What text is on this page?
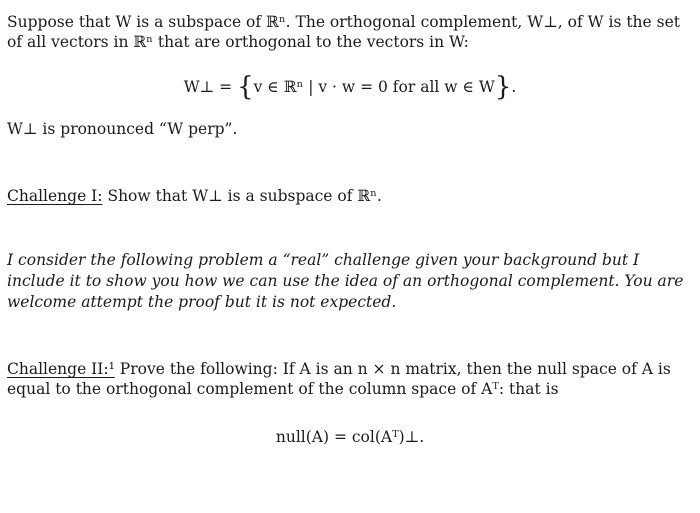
Suppose that W is a subspace of ℝⁿ. The orthogonal complement, W⊥, of W is the set of all vectors in ℝⁿ that are orthogonal to the vectors in W:
W⊥ = {v ∈ ℝⁿ | v · w = 0 for all w ∈ W}.
W⊥ is pronounced “W perp”.
Challenge I: Show that W⊥ is a subspace of ℝⁿ.
I consider the following problem a “real” challenge given your background but I include it to show you how we can use the idea of an orthogonal complement. You are welcome attempt the proof but it is not expected.
Challenge II:¹ Prove the following: If A is an n × n matrix, then the null space of A is equal to the orthogonal complement of the column space of Aᵀ: that is
null(A) = col(Aᵀ)⊥.
